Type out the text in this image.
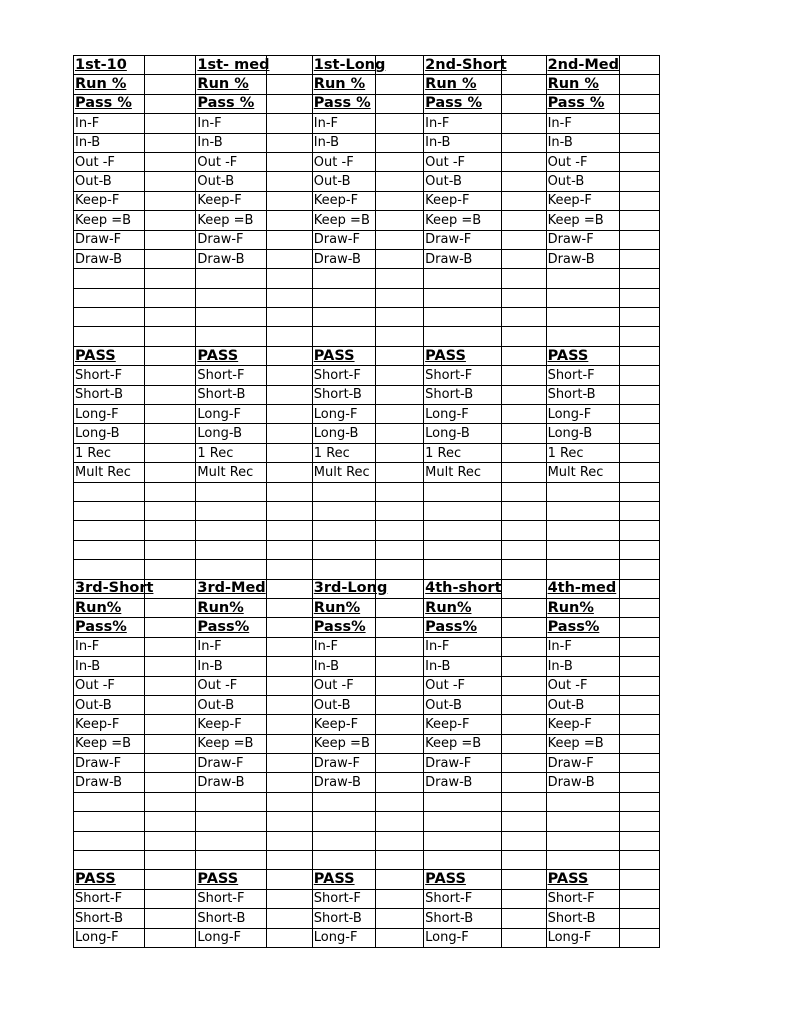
1st-10		1st- med		1st-Long		2nd-Short		2nd-Med	
Run %		Run %		Run %		Run %		Run %	
Pass %		Pass %		Pass %		Pass %		Pass %	
In-F		In-F		In-F		In-F		In-F	
In-B		In-B		In-B		In-B		In-B	
Out -F		Out -F		Out -F		Out -F		Out -F	
Out-B		Out-B		Out-B		Out-B		Out-B	
Keep-F		Keep-F		Keep-F		Keep-F		Keep-F	
Keep =B		Keep =B		Keep =B		Keep =B		Keep =B	
Draw-F		Draw-F		Draw-F		Draw-F		Draw-F	
Draw-B		Draw-B		Draw-B		Draw-B		Draw-B	

PASS		PASS		PASS		PASS		PASS	
Short-F		Short-F		Short-F		Short-F		Short-F	
Short-B		Short-B		Short-B		Short-B		Short-B	
Long-F		Long-F		Long-F		Long-F		Long-F	
Long-B		Long-B		Long-B		Long-B		Long-B	
1 Rec		1 Rec		1 Rec		1 Rec		1 Rec	
Mult Rec		Mult Rec		Mult Rec		Mult Rec		Mult Rec	

3rd-Short		3rd-Med		3rd-Long		4th-short		4th-med	
Run%		Run%		Run%		Run%		Run%	
Pass%		Pass%		Pass%		Pass%		Pass%	
In-F		In-F		In-F		In-F		In-F	
In-B		In-B		In-B		In-B		In-B	
Out -F		Out -F		Out -F		Out -F		Out -F	
Out-B		Out-B		Out-B		Out-B		Out-B	
Keep-F		Keep-F		Keep-F		Keep-F		Keep-F	
Keep =B		Keep =B		Keep =B		Keep =B		Keep =B	
Draw-F		Draw-F		Draw-F		Draw-F		Draw-F	
Draw-B		Draw-B		Draw-B		Draw-B		Draw-B	

PASS		PASS		PASS		PASS		PASS	
Short-F		Short-F		Short-F		Short-F		Short-F	
Short-B		Short-B		Short-B		Short-B		Short-B	
Long-F		Long-F		Long-F		Long-F		Long-F	
